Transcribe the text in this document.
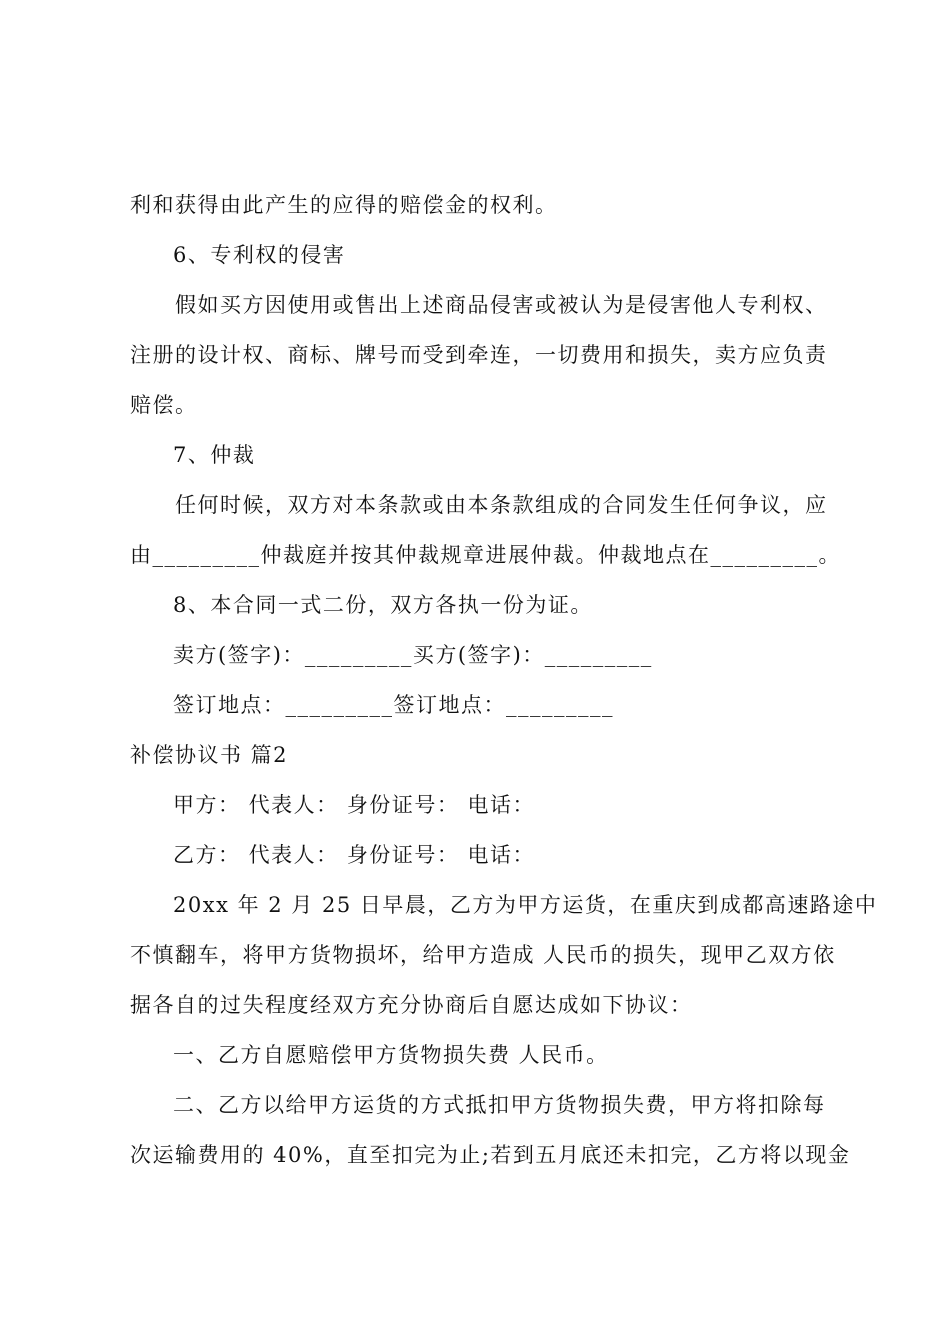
利和获得由此产生的应得的赔偿金的权利。
6、专利权的侵害
假如买方因使用或售出上述商品侵害或被认为是侵害他人专利权、
注册的设计权、商标、牌号而受到牵连，一切费用和损失，卖方应负责
赔偿。
7、仲裁
任何时候，双方对本条款或由本条款组成的合同发生任何争议，应
由_________仲裁庭并按其仲裁规章进展仲裁。仲裁地点在_________。
8、本合同一式二份，双方各执一份为证。
卖方(签字)：_________买方(签字)：_________
签订地点：_________签订地点：_________
补偿协议书 篇2
甲方： 代表人： 身份证号： 电话：
乙方： 代表人： 身份证号： 电话：
20xx 年 2 月 25 日早晨，乙方为甲方运货，在重庆到成都高速路途中
不慎翻车，将甲方货物损坏，给甲方造成 人民币的损失，现甲乙双方依
据各自的过失程度经双方充分协商后自愿达成如下协议：
一、乙方自愿赔偿甲方货物损失费 人民币。
二、乙方以给甲方运货的方式抵扣甲方货物损失费，甲方将扣除每
次运输费用的 40%，直至扣完为止;若到五月底还未扣完，乙方将以现金
